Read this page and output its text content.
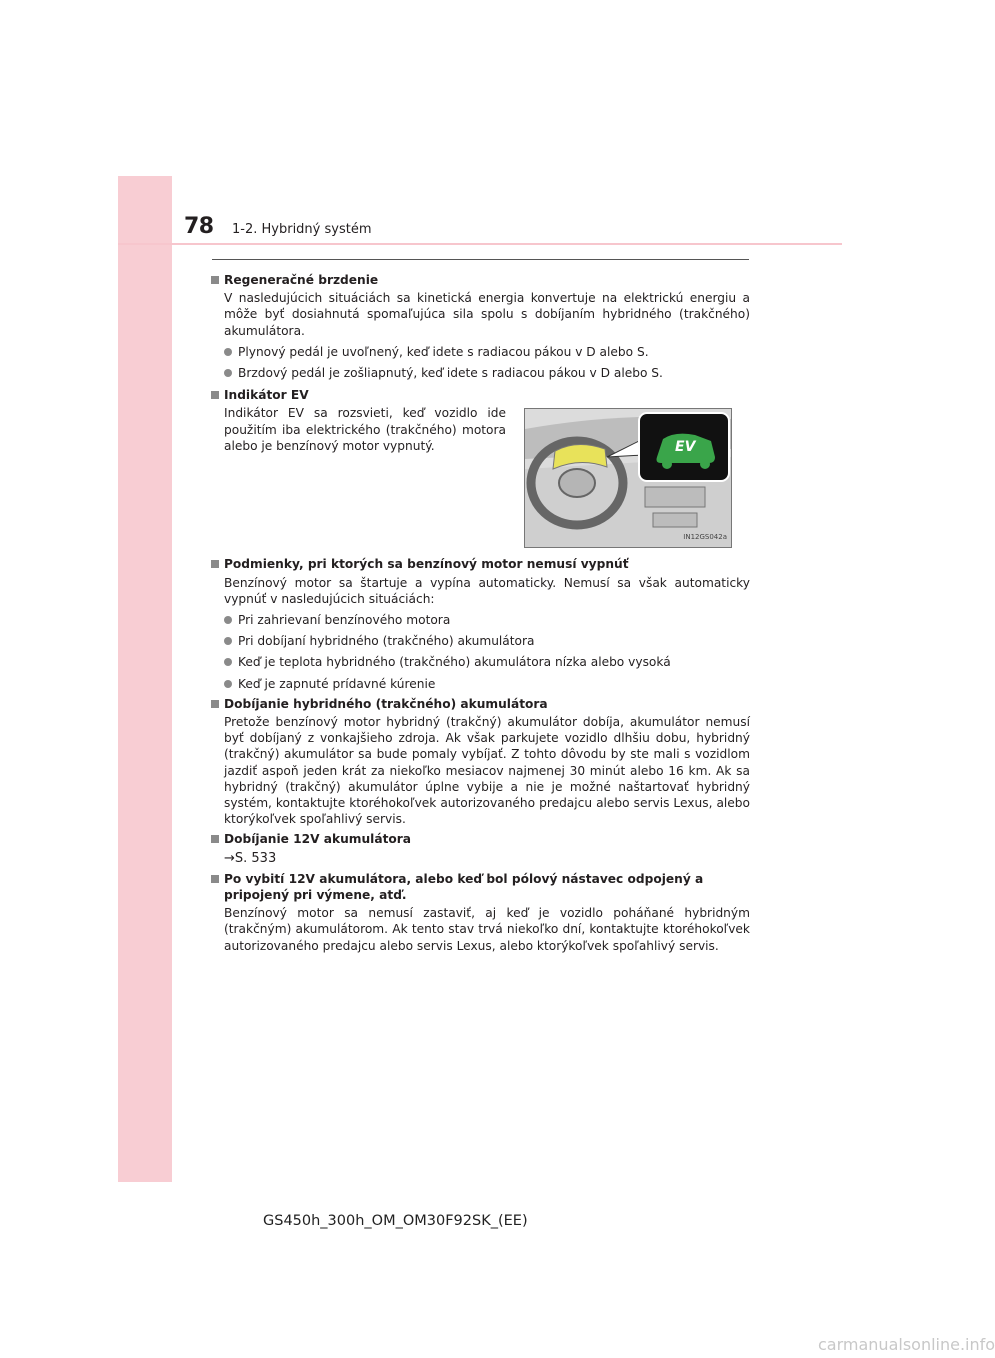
78 1-2. Hybridný systém
Regeneračné brzdenie
V nasledujúcich situáciách sa kinetická energia konvertuje na elektrickú energiu a môže byť dosiahnutá spomaľujúca sila spolu s dobíjaním hybridného (trakčného) akumulátora.
Plynový pedál je uvoľnený, keď idete s radiacou pákou v D alebo S.
Brzdový pedál je zošliapnutý, keď idete s radiacou pákou v D alebo S.
Indikátor EV
Indikátor EV sa rozsvieti, keď vozidlo ide použitím iba elektrického (trakčného) motora alebo je benzínový motor vypnutý.	EV
IN12GS042a
Podmienky, pri ktorých sa benzínový motor nemusí vypnúť
Benzínový motor sa štartuje a vypína automaticky. Nemusí sa však automaticky vypnúť v nasledujúcich situáciách:
Pri zahrievaní benzínového motora
Pri dobíjaní hybridného (trakčného) akumulátora
Keď je teplota hybridného (trakčného) akumulátora nízka alebo vysoká
Keď je zapnuté prídavné kúrenie
Dobíjanie hybridného (trakčného) akumulátora
Pretože benzínový motor hybridný (trakčný) akumulátor dobíja, akumulátor nemusí byť dobíjaný z vonkajšieho zdroja. Ak však parkujete vozidlo dlhšiu dobu, hybridný (trakčný) akumulátor sa bude pomaly vybíjať. Z tohto dôvodu by ste mali s vozidlom jazdiť aspoň jeden krát za niekoľko mesiacov najmenej 30 minút alebo 16 km. Ak sa hybridný (trakčný) akumulátor úplne vybije a nie je možné naštartovať hybridný systém, kontaktujte ktoréhokoľvek autorizovaného predajcu alebo servis Lexus, alebo ktorýkoľvek spoľahlivý servis.
Dobíjanie 12V akumulátora
→S. 533
Po vybití 12V akumulátora, alebo keď bol pólový nástavec odpojený a pripojený pri výmene, atď.
Benzínový motor sa nemusí zastaviť, aj keď je vozidlo poháňané hybridným (trakčným) akumulátorom. Ak tento stav trvá niekoľko dní, kontaktujte ktoréhokoľvek autorizovaného predajcu alebo servis Lexus, alebo ktorýkoľvek spoľahlivý servis.
GS450h_300h_OM_OM30F92SK_(EE)
carmanualsonline.info
